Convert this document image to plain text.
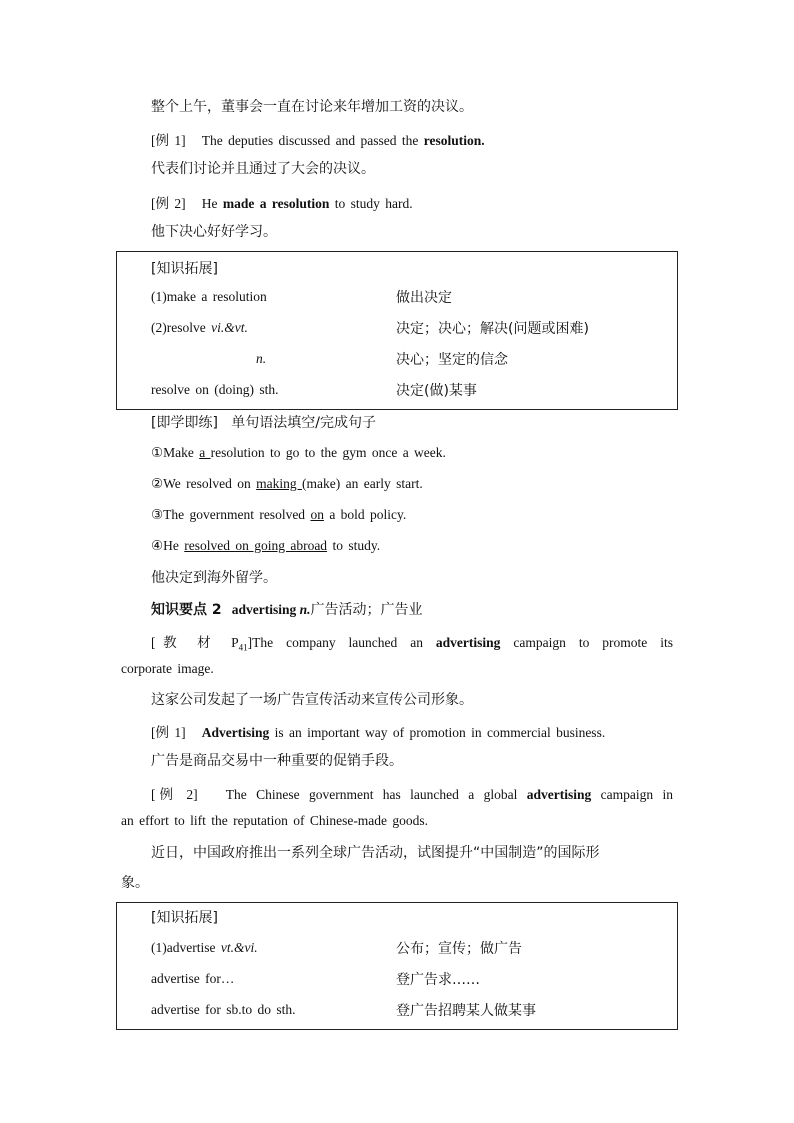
整个上午，董事会一直在讨论来年增加工资的决议。
[例 1] The deputies discussed and passed the resolution.
代表们讨论并且通过了大会的决议。
[例 2] He made a resolution to study hard.
他下决心好好学习。
[知识拓展]
(1)make a resolution	做出决定
(2)resolve vi.&vt.	决定；决心；解决(问题或困难)
n.	决心；坚定的信念
resolve on (doing) sth.	决定(做)某事
[即学即练] 单句语法填空/完成句子
①Make a resolution to go to the gym once a week.
②We resolved on making (make) an early start.
③The government resolved on a bold policy.
④He resolved on going abroad to study.
他决定到海外留学。
知识要点 2 advertising n.广告活动；广告业
[教 材 $P_{41}]The$ company launched an advertising campaign to promote its
corporate image.
这家公司发起了一场广告宣传活动来宣传公司形象。
[例 1] Advertising is an important way of promotion in commercial business.
广告是商品交易中一种重要的促销手段。
[例 2] The Chinese government has launched a global advertising campaign in
an effort to lift the reputation of Chinese-made goods.
近日，中国政府推出一系列全球广告活动，试图提升“中国制造”的国际形
象。
[知识拓展]
(1)advertise vt.&vi.	公布；宣传；做广告
advertise for…	登广告求……
advertise for sb.to do sth.	登广告招聘某人做某事
